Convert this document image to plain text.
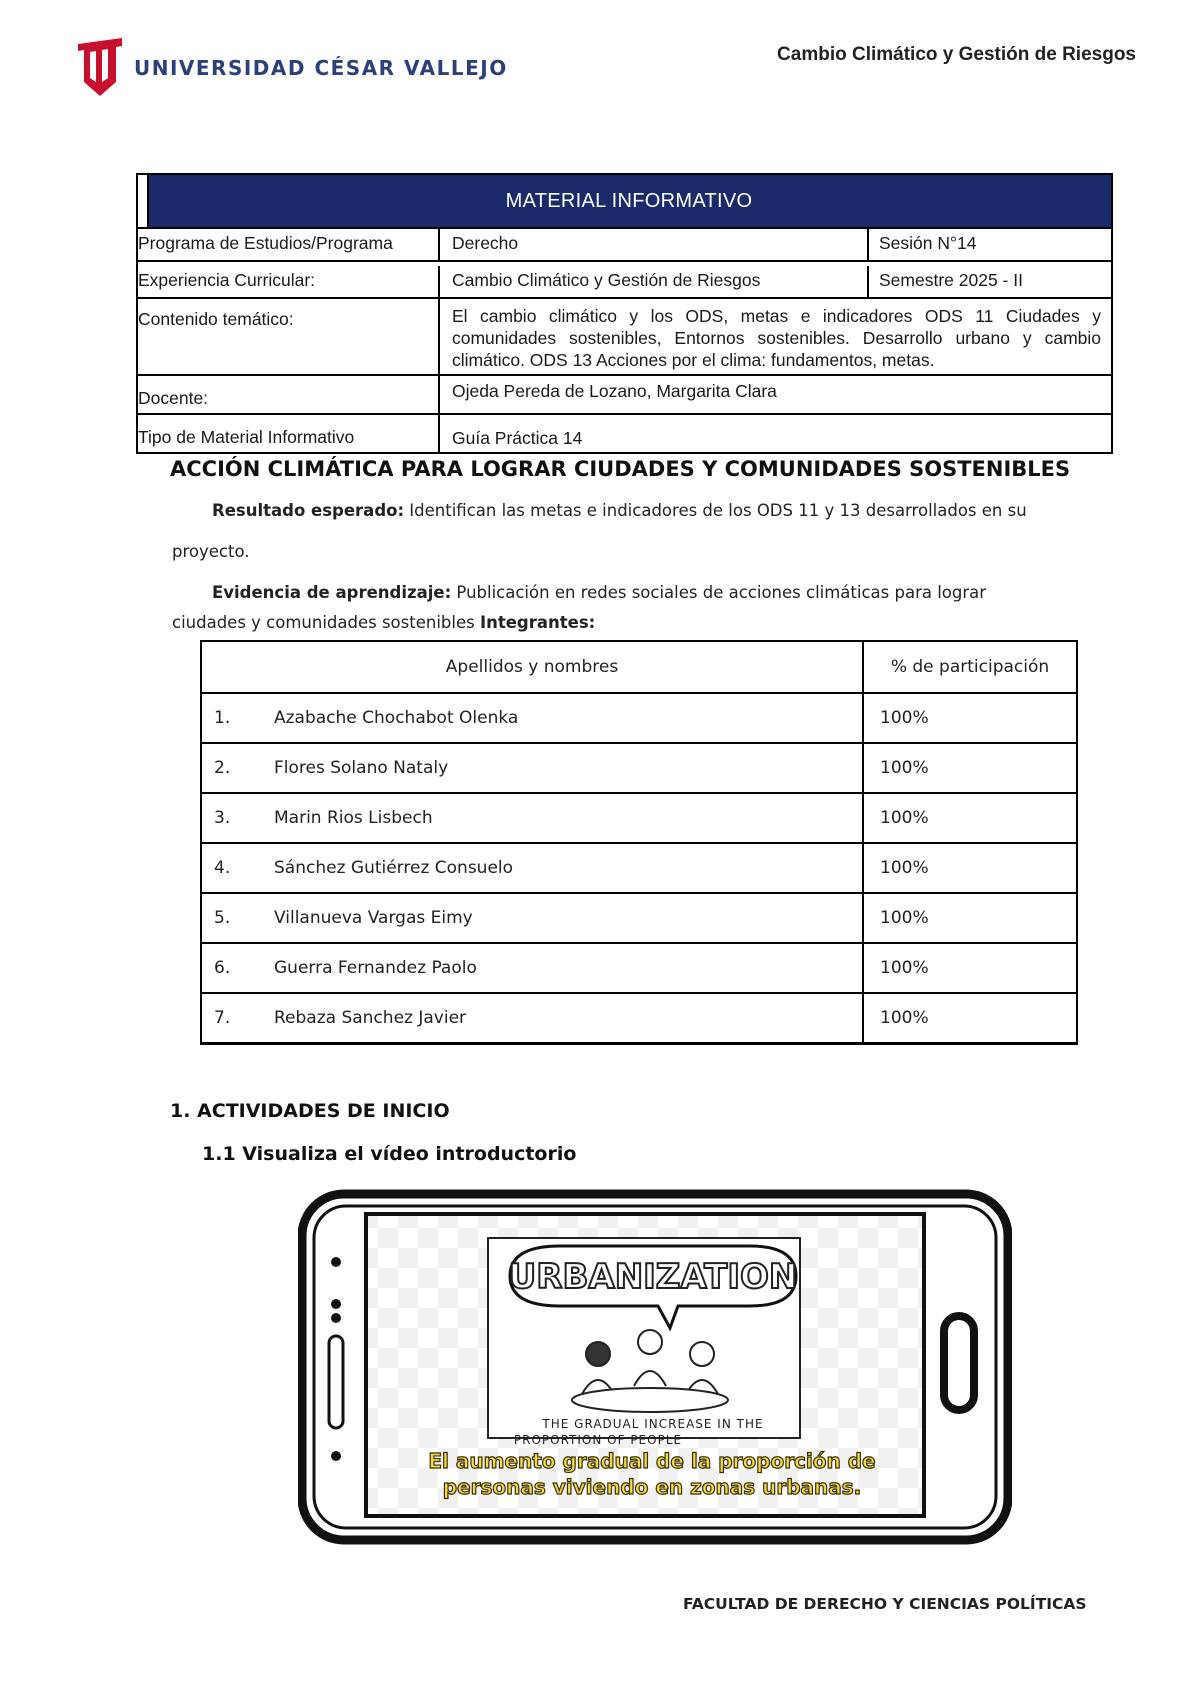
UNIVERSIDAD CÉSAR VALLEJO
Cambio Climático y Gestión de Riesgos
MATERIAL INFORMATIVO
Programa de Estudios/Programa	Derecho	Sesión N°14
Experiencia Curricular:	Cambio Climático y Gestión de Riesgos	Semestre 2025 - II
Contenido temático:	El cambio climático y los ODS, metas e indicadores ODS 11 Ciudades y comunidades sostenibles, Entornos sostenibles. Desarrollo urbano y cambio climático. ODS 13 Acciones por el clima: fundamentos, metas.
Docente:	Ojeda Pereda de Lozano, Margarita Clara
Tipo de Material Informativo	Guía Práctica 14
ACCIÓN CLIMÁTICA PARA LOGRAR CIUDADES Y COMUNIDADES SOSTENIBLES
Resultado esperado: Identifican las metas e indicadores de los ODS 11 y 13 desarrollados en su
proyecto.
Evidencia de aprendizaje: Publicación en redes sociales de acciones climáticas para lograr
ciudades y comunidades sostenibles Integrantes:
Apellidos y nombres	% de participación
1. Azabache Chochabot Olenka	100%
2. Flores Solano Nataly	100%
3. Marin Rios Lisbech	100%
4. Sánchez Gutiérrez Consuelo	100%
5. Villanueva Vargas Eimy	100%
6. Guerra Fernandez Paolo	100%
7. Rebaza Sanchez Javier	100%
1. ACTIVIDADES DE INICIO
1.1 Visualiza el vídeo introductorio
URBANIZATION
THE GRADUAL INCREASE IN THE
PROPORTION OF PEOPLE
El aumento gradual de la proporción de
personas viviendo en zonas urbanas.
FACULTAD DE DERECHO Y CIENCIAS POLÍTICAS
